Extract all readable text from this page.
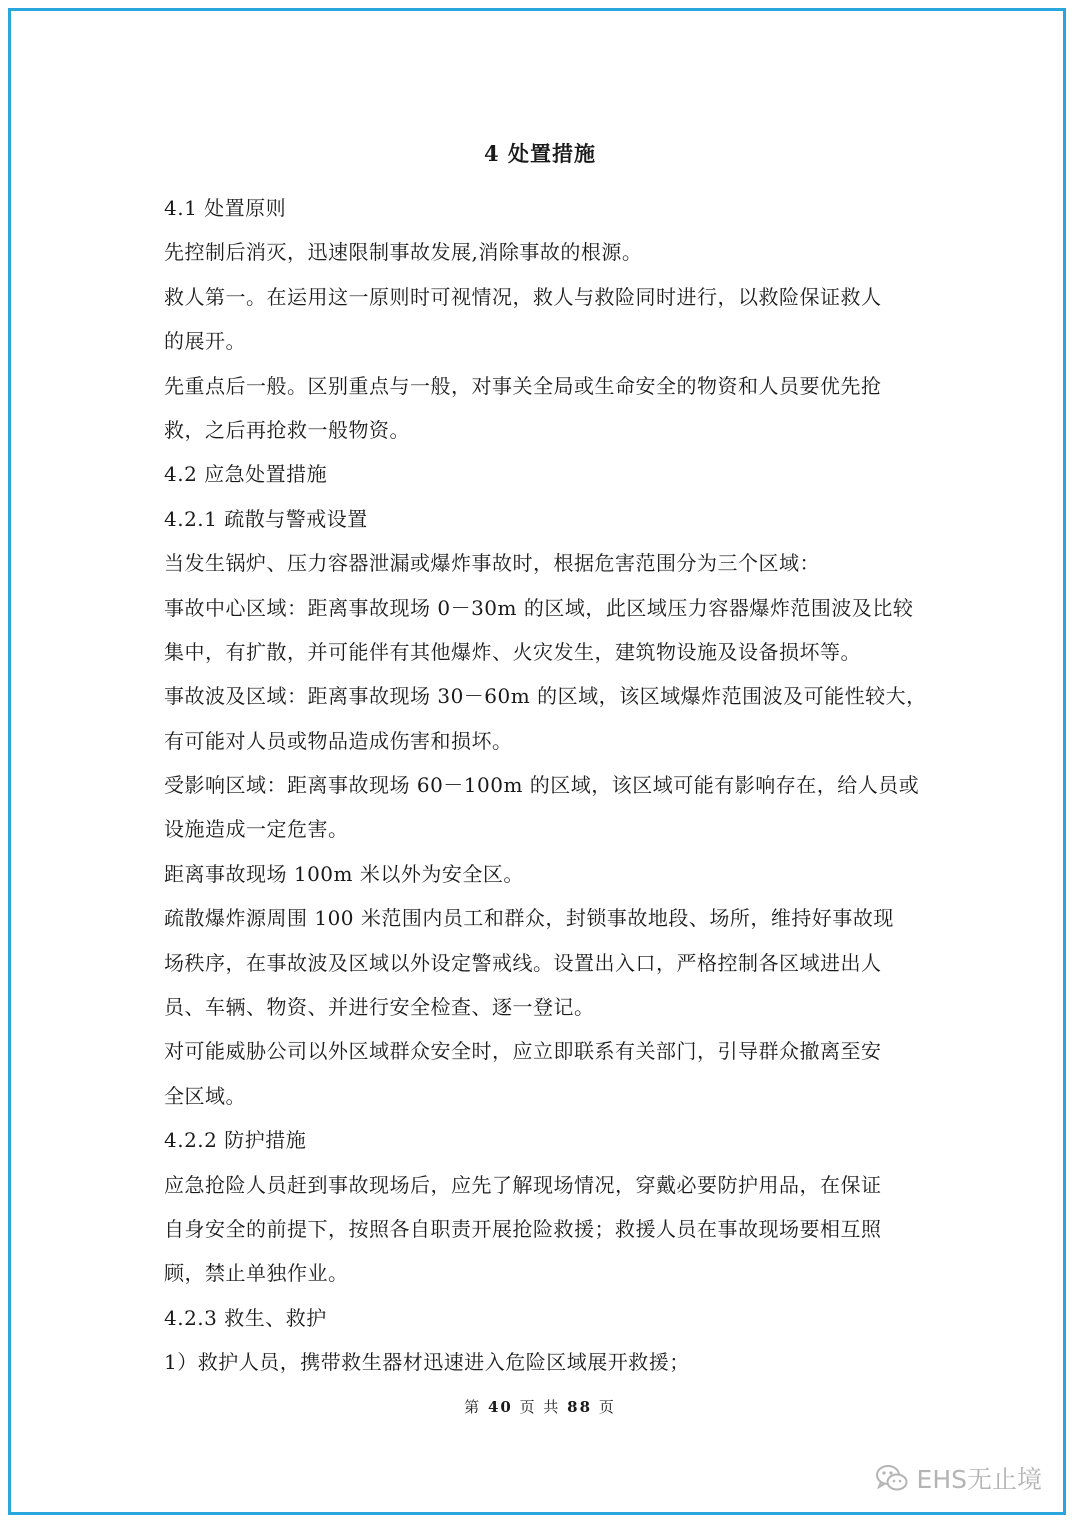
4 处置措施
4.1 处置原则
先控制后消灭，迅速限制事故发展,消除事故的根源。
救人第一。在运用这一原则时可视情况，救人与救险同时进行，以救险保证救人
的展开。
先重点后一般。区别重点与一般，对事关全局或生命安全的物资和人员要优先抢
救，之后再抢救一般物资。
4.2 应急处置措施
4.2.1 疏散与警戒设置
当发生锅炉、压力容器泄漏或爆炸事故时，根据危害范围分为三个区域：
事故中心区域：距离事故现场 0－30m 的区域，此区域压力容器爆炸范围波及比较
集中，有扩散，并可能伴有其他爆炸、火灾发生，建筑物设施及设备损坏等。
事故波及区域：距离事故现场 30－60m 的区域，该区域爆炸范围波及可能性较大，
有可能对人员或物品造成伤害和损坏。
受影响区域：距离事故现场 60－100m 的区域，该区域可能有影响存在，给人员或
设施造成一定危害。
距离事故现场 100m 米以外为安全区。
疏散爆炸源周围 100 米范围内员工和群众，封锁事故地段、场所，维持好事故现
场秩序，在事故波及区域以外设定警戒线。设置出入口，严格控制各区域进出人
员、车辆、物资、并进行安全检查、逐一登记。
对可能威胁公司以外区域群众安全时，应立即联系有关部门，引导群众撤离至安
全区域。
4.2.2 防护措施
应急抢险人员赶到事故现场后，应先了解现场情况，穿戴必要防护用品，在保证
自身安全的前提下，按照各自职责开展抢险救援；救援人员在事故现场要相互照
顾，禁止单独作业。
4.2.3 救生、救护
1）救护人员，携带救生器材迅速进入危险区域展开救援；
第 40 页 共 88 页
EHS无止境
